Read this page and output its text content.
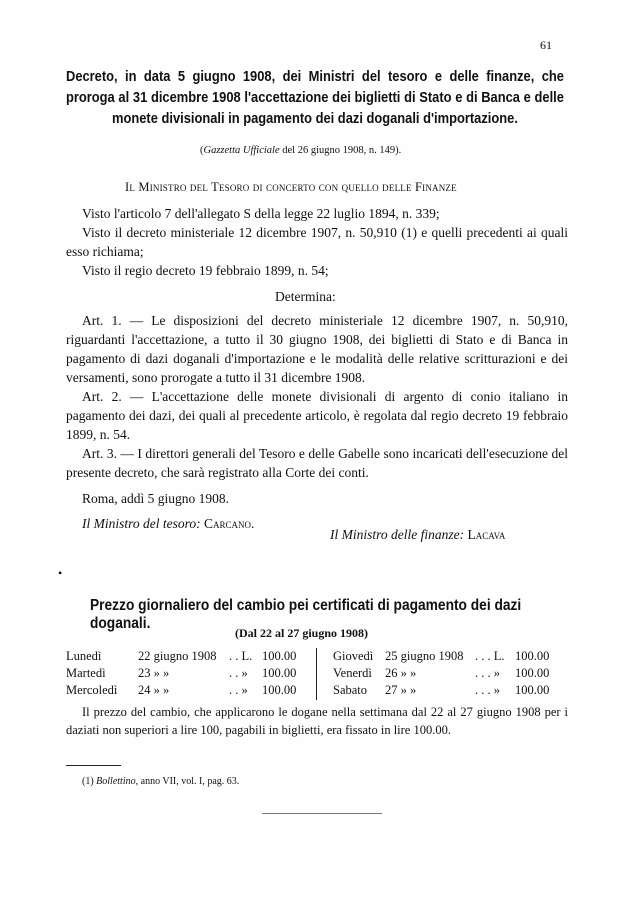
61
Decreto, in data 5 giugno 1908, dei Ministri del tesoro e delle finanze, che proroga al 31 dicembre 1908 l'accettazione dei biglietti di Stato e di Banca e delle monete divisionali in pagamento dei dazi doganali d'importazione.
(Gazzetta Ufficiale del 26 giugno 1908, n. 149).
Il Ministro del Tesoro di concerto con quello delle Finanze

Visto l'articolo 7 dell'allegato S della legge 22 luglio 1894, n. 339;

Visto il decreto ministeriale 12 dicembre 1907, n. 50,910 (1) e quelli precedenti ai quali esso richiama;

Visto il regio decreto 19 febbraio 1899, n. 54;

Determina:

Art. 1. — Le disposizioni del decreto ministeriale 12 dicembre 1907, n. 50,910, riguardanti l'accettazione, a tutto il 30 giugno 1908, dei biglietti di Stato e di Banca in pagamento di dazi doganali d'importazione e le modalità delle relative scritturazioni e dei versamenti, sono prorogate a tutto il 31 dicembre 1908.

Art. 2. — L'accettazione delle monete divisionali di argento di conio italiano in pagamento dei dazi, dei quali al precedente articolo, è regolata dal regio decreto 19 febbraio 1899, n. 54.

Art. 3. — I direttori generali del Tesoro e delle Gabelle sono incaricati dell'esecuzione del presente decreto, che sarà registrato alla Corte dei conti.

Roma, addì 5 giugno 1908.
Il Ministro del tesoro: Carcano.
Il Ministro delle finanze: Lacava
•
Prezzo giornaliero del cambio pei certificati di pagamento dei dazi doganali.
(Dal 22 al 27 giugno 1908)
Lunedì	22 giugno 1908 . . L. 100.00
Martedì	23 » »	. . » 100.00
Mercoledì 24 » »	. . » 100.00
Giovedì 25 giugno 1908 . . . L. 100.00
Venerdì 26 » »	. . . » 100.00
Sabato 27 » »	. . . » 100.00

Il prezzo del cambio, che applicarono le dogane nella settimana dal 22 al 27 giugno 1908 per i daziati non superiori a lire 100, pagabili in biglietti, era fissato in lire 100.00.

(1) Bollettino, anno VII, vol. I, pag. 63.
